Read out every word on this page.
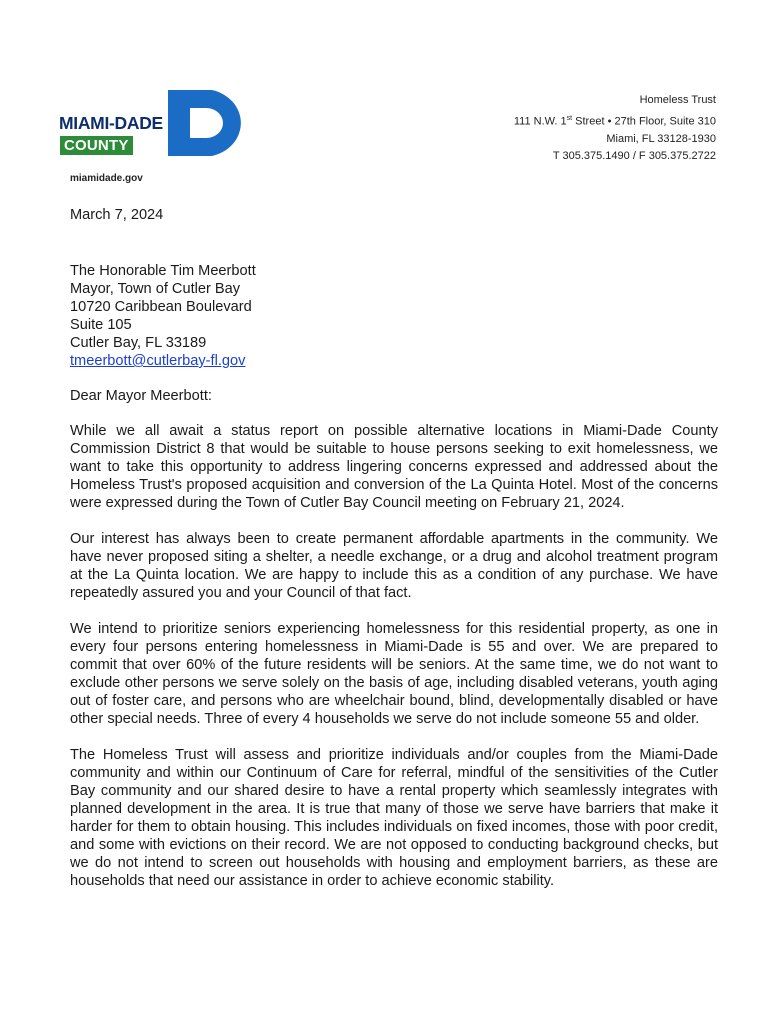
MIAMI-DADE
COUNTY
miamidade.gov
Homeless Trust
111 N.W. 1st Street • 27th Floor, Suite 310
Miami, FL 33128-1930
T 305.375.1490 / F 305.375.2722

March 7, 2024

The Honorable Tim Meerbott
Mayor, Town of Cutler Bay
10720 Caribbean Boulevard
Suite 105
Cutler Bay, FL 33189
tmeerbott@cutlerbay-fl.gov

Dear Mayor Meerbott:

While we all await a status report on possible alternative locations in Miami-Dade County Commission District 8 that would be suitable to house persons seeking to exit homelessness, we want to take this opportunity to address lingering concerns expressed and addressed about the Homeless Trust's proposed acquisition and conversion of the La Quinta Hotel. Most of the concerns were expressed during the Town of Cutler Bay Council meeting on February 21, 2024.

Our interest has always been to create permanent affordable apartments in the community. We have never proposed siting a shelter, a needle exchange, or a drug and alcohol treatment program at the La Quinta location. We are happy to include this as a condition of any purchase. We have repeatedly assured you and your Council of that fact.

We intend to prioritize seniors experiencing homelessness for this residential property, as one in every four persons entering homelessness in Miami-Dade is 55 and over. We are prepared to commit that over 60% of the future residents will be seniors. At the same time, we do not want to exclude other persons we serve solely on the basis of age, including disabled veterans, youth aging out of foster care, and persons who are wheelchair bound, blind, developmentally disabled or have other special needs. Three of every 4 households we serve do not include someone 55 and older.

The Homeless Trust will assess and prioritize individuals and/or couples from the Miami-Dade community and within our Continuum of Care for referral, mindful of the sensitivities of the Cutler Bay community and our shared desire to have a rental property which seamlessly integrates with planned development in the area. It is true that many of those we serve have barriers that make it harder for them to obtain housing. This includes individuals on fixed incomes, those with poor credit, and some with evictions on their record. We are not opposed to conducting background checks, but we do not intend to screen out households with housing and employment barriers, as these are households that need our assistance in order to achieve economic stability.
